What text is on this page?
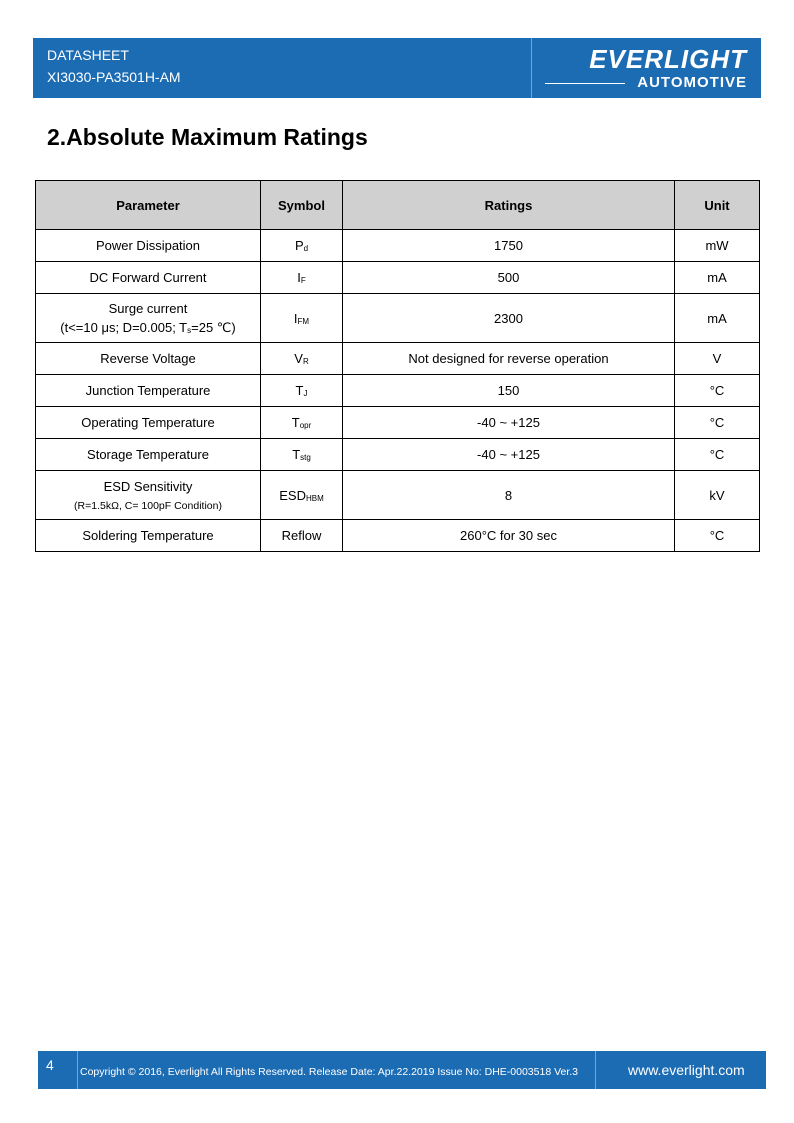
DATASHEET
XI3030-PA3501H-AM
EVERLIGHT
AUTOMOTIVE
2.Absolute Maximum Ratings
Parameter	Symbol	Ratings	Unit
Power Dissipation	$P_d$	1750	mW
DC Forward Current	$I_F$	500	mA
Surge current
(t<=10 μs; D=0.005; $T_s=25$ ℃)	$I_{FM}$	2300	mA
Reverse Voltage	$V_R$	Not designed for reverse operation	V
Junction Temperature	$T_J$	150	°C
Operating Temperature	$T_{opr}$	-40 ~ +125	°C
Storage Temperature	$T_{stg}$	-40 ~ +125	°C
ESD Sensitivity
(R=1.5kΩ, C= 100pF Condition)	$ESD_{HBM}$	8	kV
Soldering Temperature	Reflow	260°C for 30 sec	°C
4 Copyright © 2016, Everlight All Rights Reserved. Release Date: Apr.22.2019 Issue No: DHE-0003518 Ver.3	www.everlight.com
